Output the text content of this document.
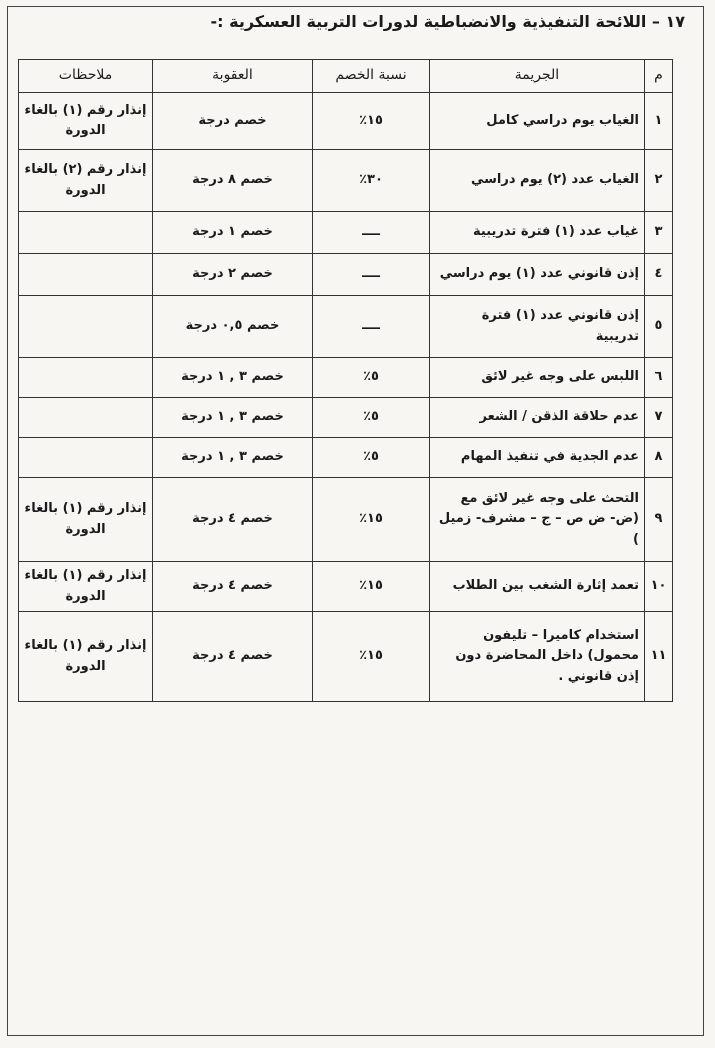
١٧ – اللائحة التنفيذية والانضباطية لدورات التربية العسكرية :-
م	الجريمة	نسبة الخصم	العقوبة	ملاحظات
١	الغياب يوم دراسي كامل	١٥٪	خصم درجة	إنذار رقم (١) بالغاء الدورة
٢	الغياب عدد (٢) يوم دراسي	٣٠٪	خصم ٨ درجة	إنذار رقم (٢) بالغاء الدورة
٣	غياب عدد (١) فترة تدريبية	ــــ	خصم ١ درجة	
٤	إذن قانوني عدد (١) يوم دراسي	ــــ	خصم ٢ درجة	
٥	إذن قانوني عدد (١) فترة تدريبية	ــــ	خصم ٠,٥ درجة	
٦	اللبس على وجه غير لائق	٥٪	خصم ٣ , ١ درجة	
٧	عدم حلاقة الذقن / الشعر	٥٪	خصم ٣ , ١ درجة	
٨	عدم الجدية في تنفيذ المهام	٥٪	خصم ٣ , ١ درجة	
٩	التحث على وجه غير لائق مع (ض- ض ص – ج – مشرف- زميل )	١٥٪	خصم ٤ درجة	إنذار رقم (١) بالغاء الدورة
١٠	تعمد إثارة الشغب بين الطلاب	١٥٪	خصم ٤ درجة	إنذار رقم (١) بالغاء الدورة
١١	استخدام كاميرا – تليفون محمول) داخل المحاضرة دون إذن قانوني .	١٥٪	خصم ٤ درجة	إنذار رقم (١) بالغاء الدورة
